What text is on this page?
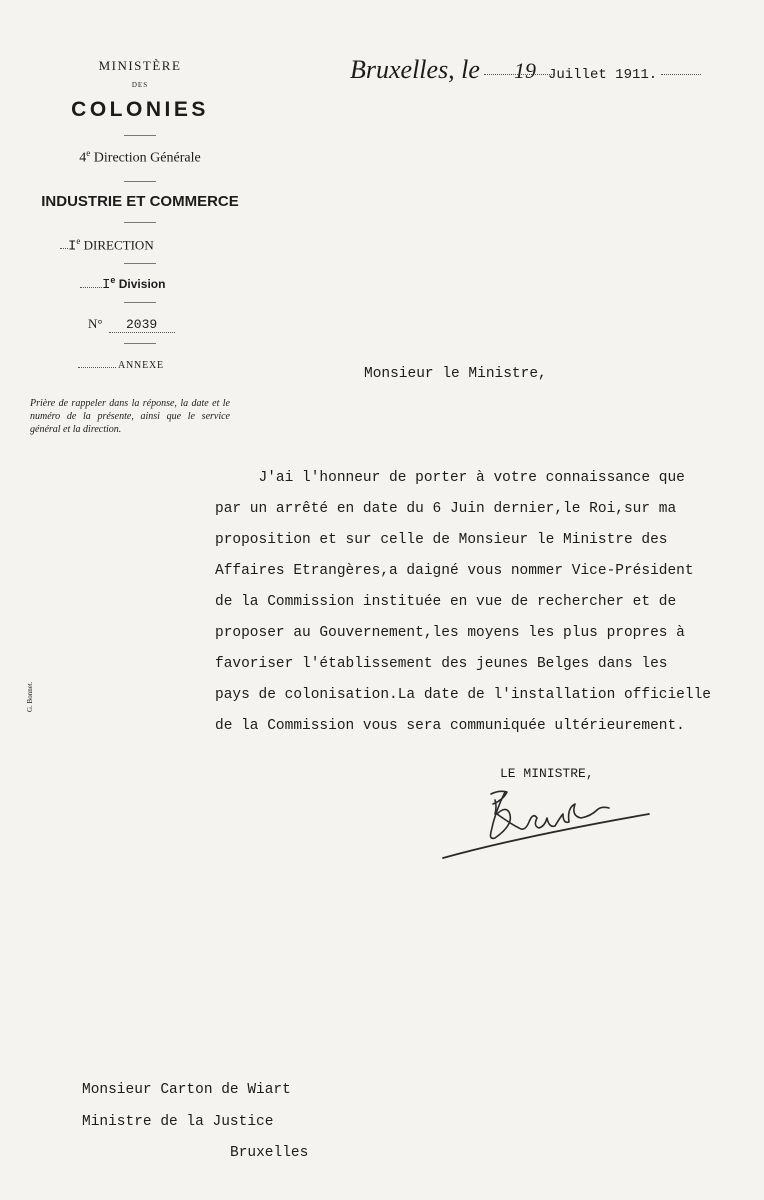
MINISTÈRE
DES
COLONIES
4e Direction Générale
INDUSTRIE ET COMMERCE
Ie DIRECTION
Ie Division
N° 2039
ANNEXE
Prière de rappeler dans la réponse, la date et le numéro de la présente, ainsi que le service général et la direction.
G. Bonnet.
Bruxelles, le 19 Juillet 1911.
Monsieur le Ministre,
J'ai l'honneur de porter à votre connaissance que
par un arrêté en date du 6 Juin dernier,le Roi,sur ma
proposition et sur celle de Monsieur le Ministre des
Affaires Etrangères,a daigné vous nommer Vice-Président
de la Commission instituée en vue de rechercher et de
proposer au Gouvernement,les moyens les plus propres à
favoriser l'établissement des jeunes Belges dans les
pays de colonisation.La date de l'installation officielle
de la Commission vous sera communiquée ultérieurement.
LE MINISTRE,
Monsieur Carton de Wiart
Ministre de la Justice
Bruxelles
